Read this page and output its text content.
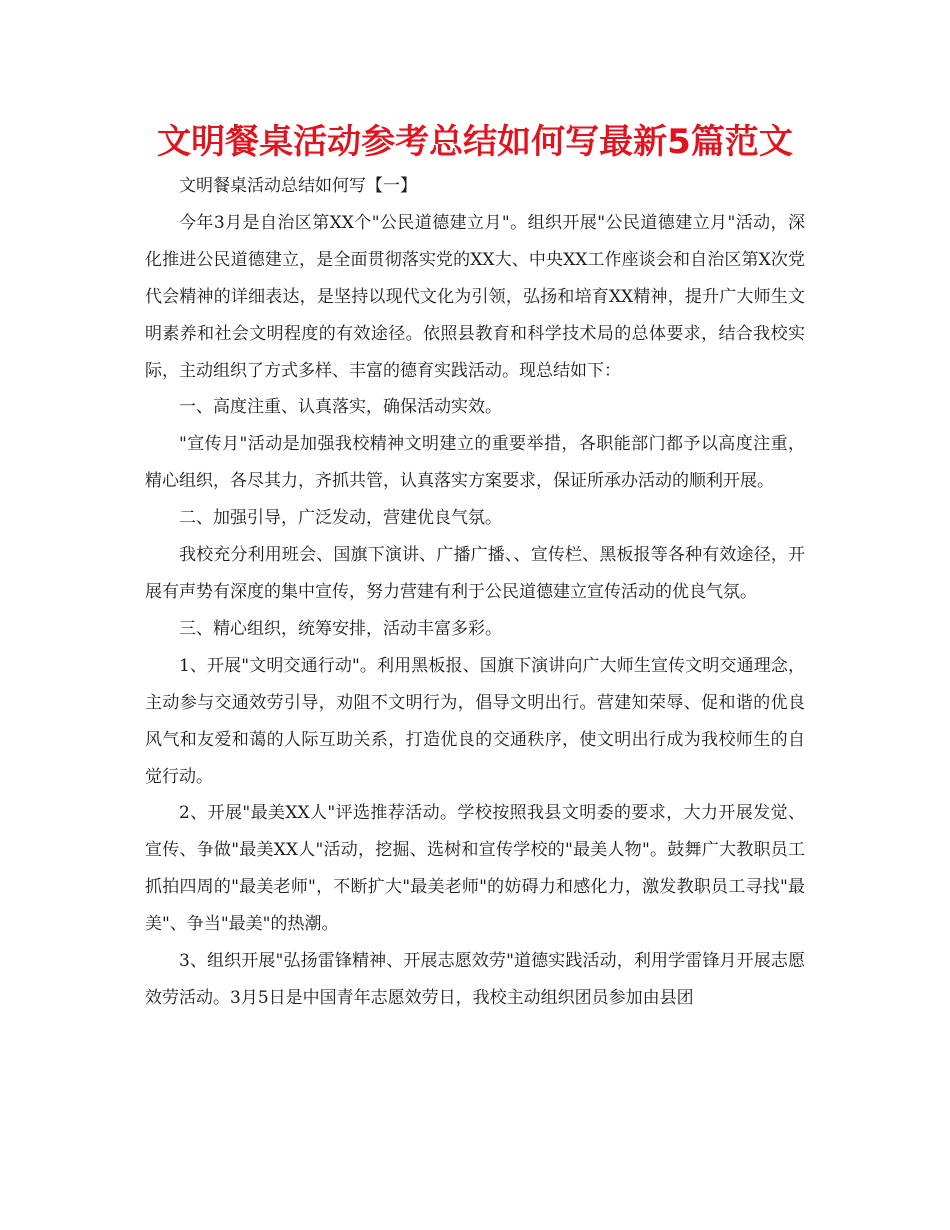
文明餐桌活动参考总结如何写最新5篇范文

文明餐桌活动总结如何写【一】

今年3月是自治区第XX个"公民道德建立月"。组织开展"公民道德建立月"活动，深化推进公民道德建立，是全面贯彻落实党的XX大、中央XX工作座谈会和自治区第X次党代会精神的详细表达，是坚持以现代文化为引领，弘扬和培育XX精神，提升广大师生文明素养和社会文明程度的有效途径。依照县教育和科学技术局的总体要求，结合我校实际，主动组织了方式多样、丰富的德育实践活动。现总结如下：

一、高度注重、认真落实，确保活动实效。

"宣传月"活动是加强我校精神文明建立的重要举措，各职能部门都予以高度注重，精心组织，各尽其力，齐抓共管，认真落实方案要求，保证所承办活动的顺利开展。

二、加强引导，广泛发动，营建优良气氛。

我校充分利用班会、国旗下演讲、广播广播、、宣传栏、黑板报等各种有效途径，开展有声势有深度的集中宣传，努力营建有利于公民道德建立宣传活动的优良气氛。

三、精心组织，统筹安排，活动丰富多彩。

1、开展"文明交通行动"。利用黑板报、国旗下演讲向广大师生宣传文明交通理念，主动参与交通效劳引导，劝阻不文明行为，倡导文明出行。营建知荣辱、促和谐的优良风气和友爱和蔼的人际互助关系，打造优良的交通秩序，使文明出行成为我校师生的自觉行动。

2、开展"最美XX人"评选推荐活动。学校按照我县文明委的要求，大力开展发觉、宣传、争做"最美XX人"活动，挖掘、选树和宣传学校的"最美人物"。鼓舞广大教职员工抓拍四周的"最美老师"，不断扩大"最美老师"的妨碍力和感化力，激发教职员工寻找"最美"、争当"最美"的热潮。

3、组织开展"弘扬雷锋精神、开展志愿效劳"道德实践活动，利用学雷锋月开展志愿效劳活动。3月5日是中国青年志愿效劳日，我校主动组织团员参加由县团
